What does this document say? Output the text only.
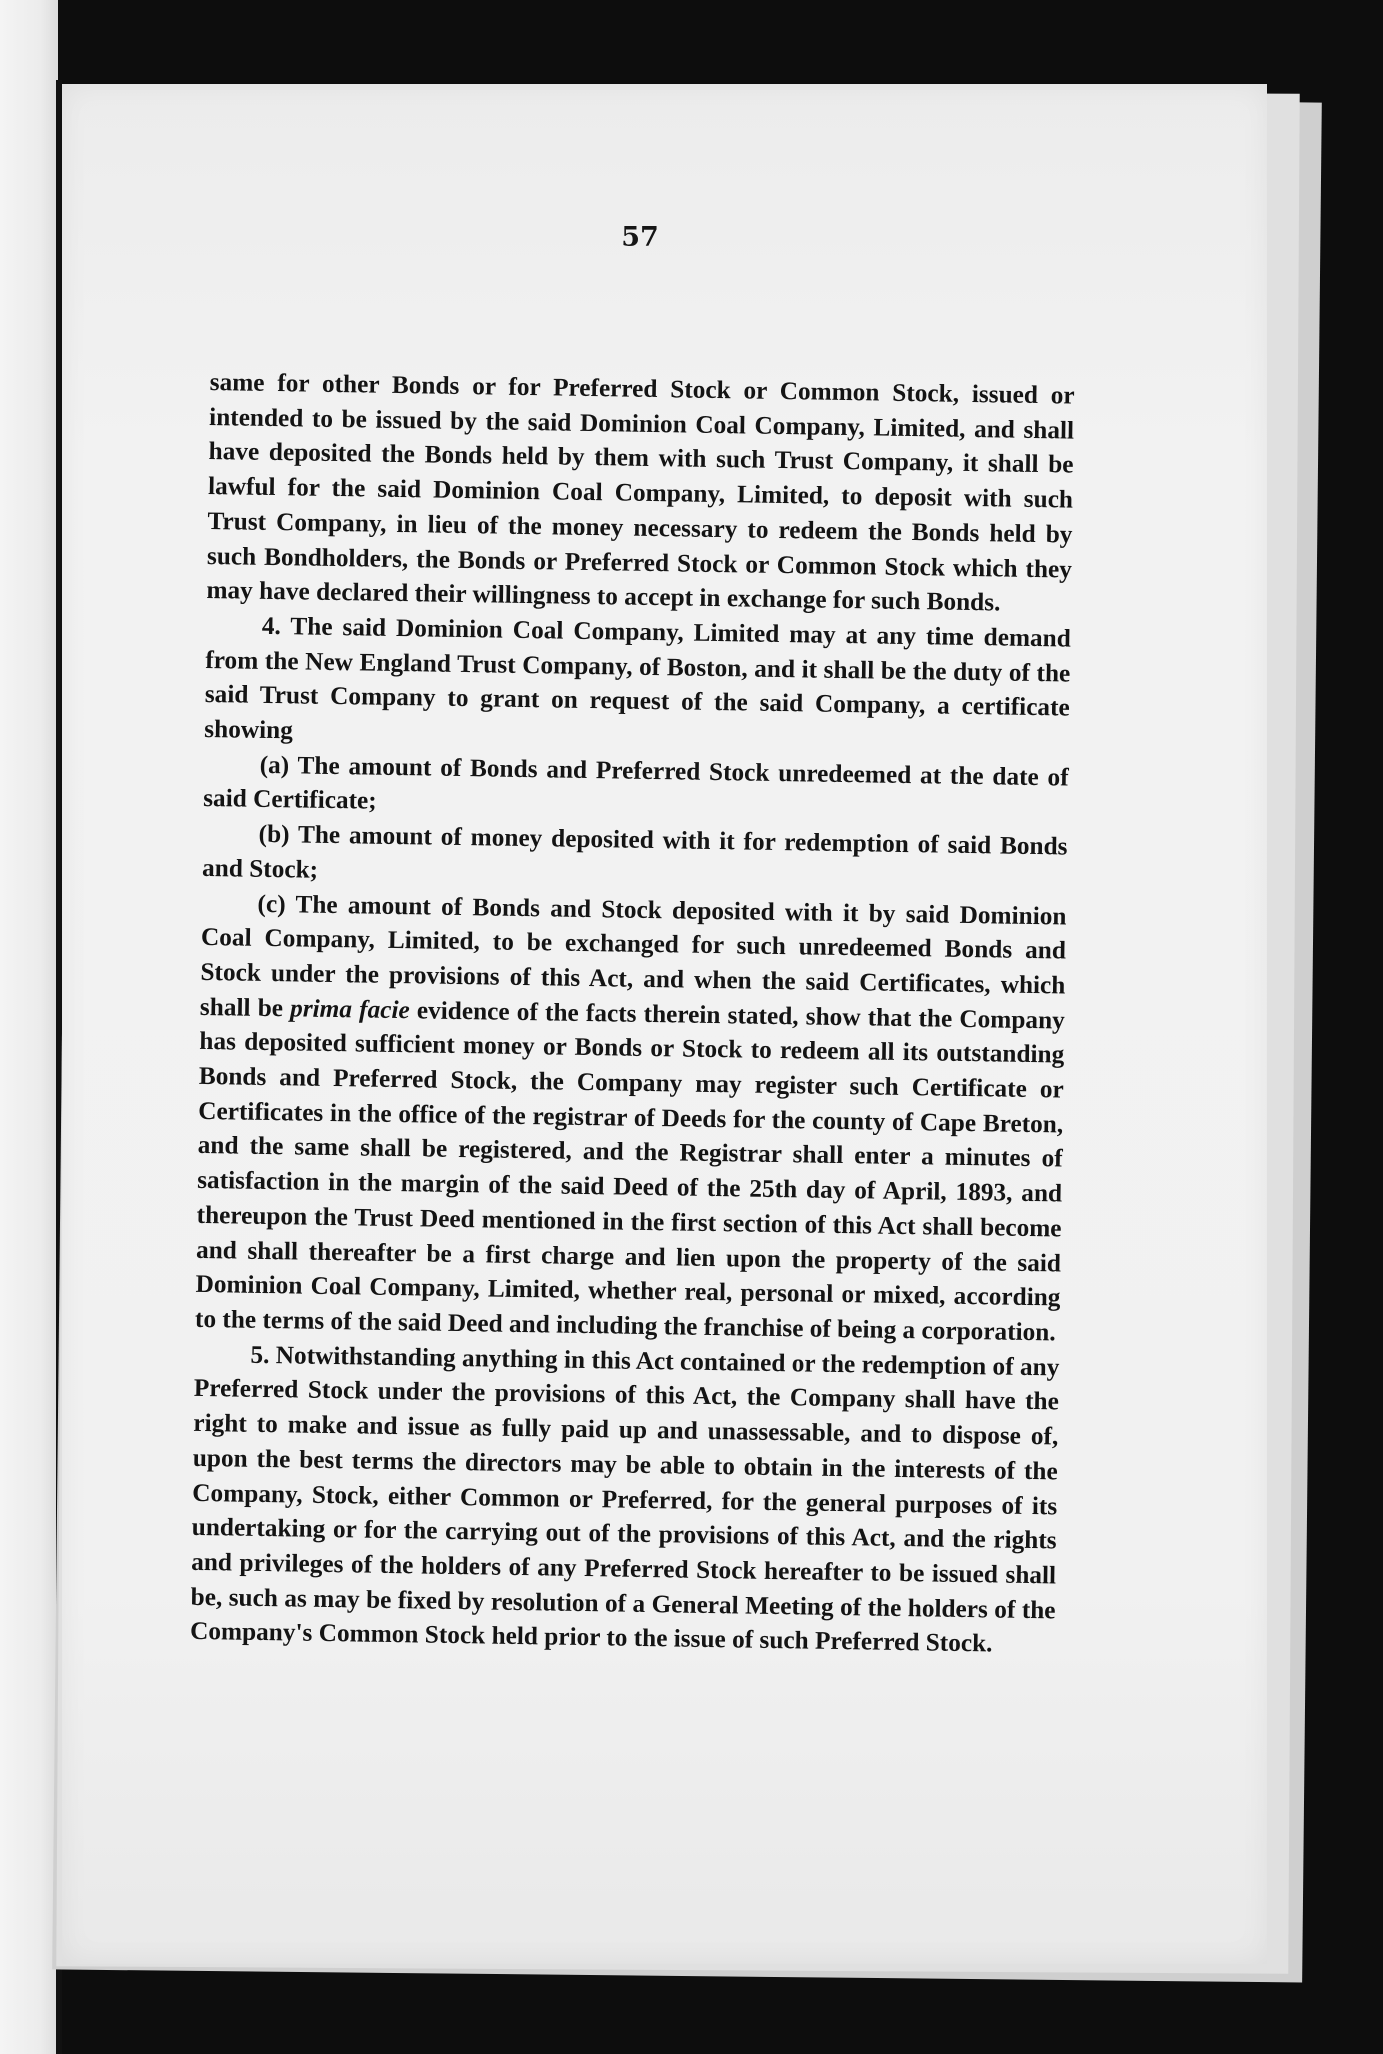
57

same for other Bonds or for Preferred Stock or Common Stock, issued or intended to be issued by the said Dominion Coal Company, Limited, and shall have deposited the Bonds held by them with such Trust Company, it shall be lawful for the said Dominion Coal Company, Limited, to deposit with such Trust Company, in lieu of the money necessary to redeem the Bonds held by such Bondholders, the Bonds or Preferred Stock or Common Stock which they may have declared their willingness to accept in exchange for such Bonds.

4. The said Dominion Coal Company, Limited may at any time demand from the New England Trust Company, of Boston, and it shall be the duty of the said Trust Company to grant on request of the said Company, a certificate showing

(a) The amount of Bonds and Preferred Stock unredeemed at the date of said Certificate;

(b) The amount of money deposited with it for redemption of said Bonds and Stock;

(c) The amount of Bonds and Stock deposited with it by said Dominion Coal Company, Limited, to be exchanged for such unredeemed Bonds and Stock under the provisions of this Act, and when the said Certificates, which shall be prima facie evidence of the facts therein stated, show that the Company has deposited sufficient money or Bonds or Stock to redeem all its outstanding Bonds and Preferred Stock, the Company may register such Certificate or Certificates in the office of the registrar of Deeds for the county of Cape Breton, and the same shall be registered, and the Registrar shall enter a minutes of satisfaction in the margin of the said Deed of the 25th day of April, 1893, and thereupon the Trust Deed mentioned in the first section of this Act shall become and shall thereafter be a first charge and lien upon the property of the said Dominion Coal Company, Limited, whether real, personal or mixed, according to the terms of the said Deed and including the franchise of being a corporation.

5. Notwithstanding anything in this Act contained or the redemption of any Preferred Stock under the provisions of this Act, the Company shall have the right to make and issue as fully paid up and unassessable, and to dispose of, upon the best terms the directors may be able to obtain in the interests of the Company, Stock, either Common or Preferred, for the general purposes of its undertaking or for the carrying out of the provisions of this Act, and the rights and privileges of the holders of any Preferred Stock hereafter to be issued shall be, such as may be fixed by resolution of a General Meeting of the holders of the Company's Common Stock held prior to the issue of such Preferred Stock.
